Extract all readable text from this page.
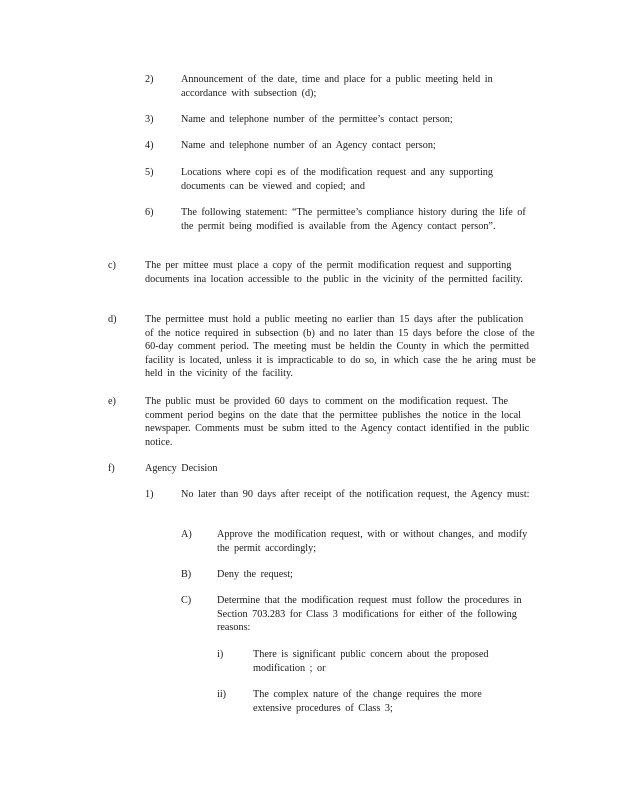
2)	Announcement of the date, time and place for a public meeting held in accordance with subsection (d);
3)	Name and telephone number of the permittee’s contact person;
4)	Name and telephone number of an Agency contact person;
5)	Locations where copi es of the modification request and any supporting documents can be viewed and copied; and
6)	The following statement: “The permittee’s compliance history during the life of the permit being modified is available from the Agency contact person”.
c)	The per mittee must place a copy of the permit modification request and supporting documents ina location accessible to the public in the vicinity of the permitted facility.
d)	The permittee must hold a public meeting no earlier than 15 days after the publication of the notice required in subsection (b) and no later than 15 days before the close of the 60-day comment period. The meeting must be heldin the County in which the permitted facility is located, unless it is impracticable to do so, in which case the he aring must be held in the vicinity of the facility.
e)	The public must be provided 60 days to comment on the modification request. The comment period begins on the date that the permittee publishes the notice in the local newspaper. Comments must be subm itted to the Agency contact identified in the public notice.
f)	Agency Decision
1)	No later than 90 days after receipt of the notification request, the Agency must:
A) Approve the modification request, with or without changes, and modify the permit accordingly;
B)	Deny the request;
C)	Determine that the modification request must follow the procedures in Section 703.283 for Class 3 modifications for either of the following reasons:
i)	There is significant public concern about the proposed modification ; or
ii)	The complex nature of the change requires the more extensive procedures of Class 3;
